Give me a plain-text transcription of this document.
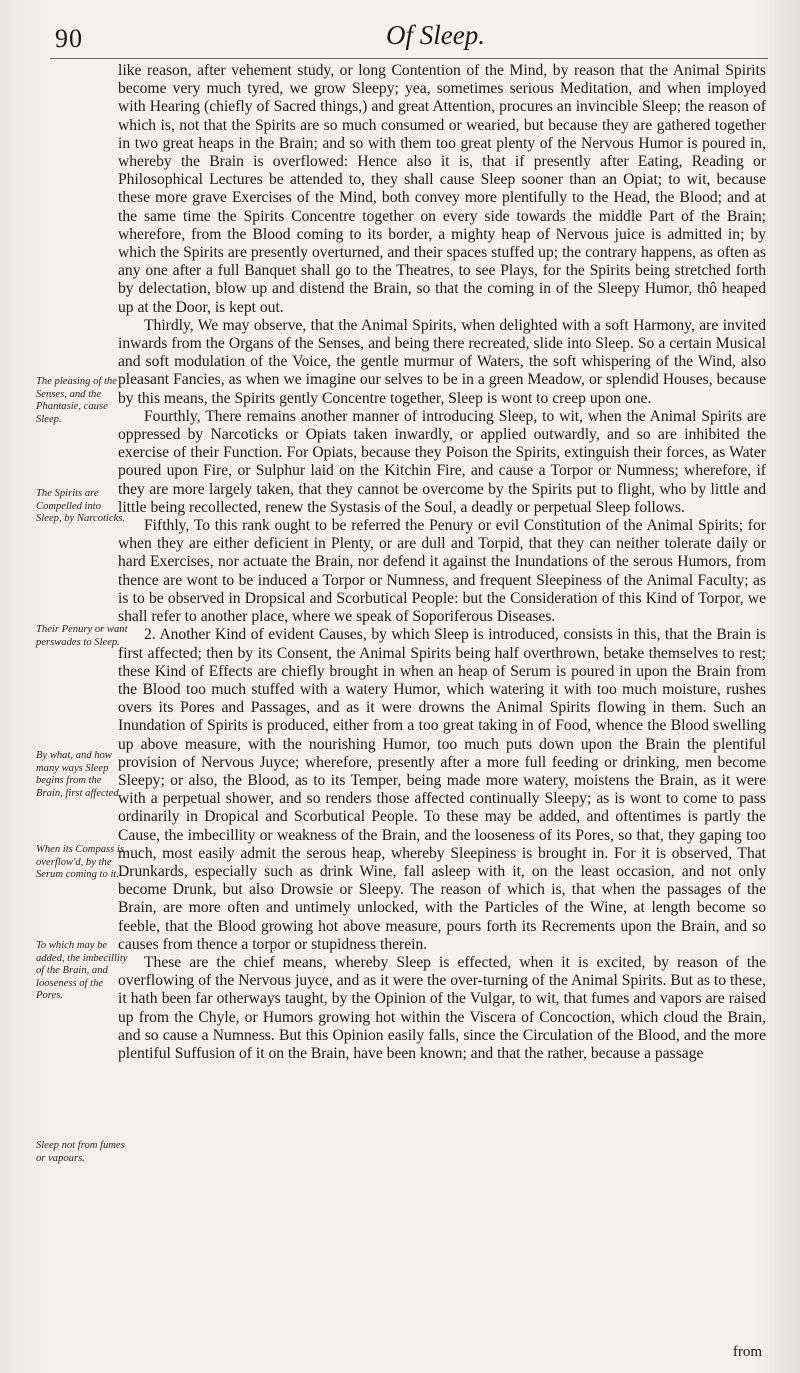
90	Of Sleep.

like reason, after vehement study, or long Contention of the Mind, by reason that the Animal Spirits become very much tyred, we grow Sleepy; yea, sometimes serious Meditation, and when imployed with Hearing (chiefly of Sacred things,) and great Attention, procures an invincible Sleep; the reason of which is, not that the Spirits are so much consumed or wearied, but because they are gathered together in two great heaps in the Brain; and so with them too great plenty of the Nervous Humor is poured in, whereby the Brain is overflowed: Hence also it is, that if presently after Eating, Reading or Philosophical Lectures be attended to, they shall cause Sleep sooner than an Opiat; to wit, because these more grave Exercises of the Mind, both convey more plentifully to the Head, the Blood; and at the same time the Spirits Concentre together on every side towards the middle Part of the Brain; wherefore, from the Blood coming to its border, a mighty heap of Nervous juice is admitted in; by which the Spirits are presently overturned, and their spaces stuffed up; the contrary happens, as often as any one after a full Banquet shall go to the Theatres, to see Plays, for the Spirits being stretched forth by delectation, blow up and distend the Brain, so that the coming in of the Sleepy Humor, thô heaped up at the Door, is kept out.

Thirdly, We may observe, that the Animal Spirits, when delighted with a soft Harmony, are invited inwards from the Organs of the Senses, and being there recreated, slide into Sleep. So a certain Musical and soft modulation of the Voice, the gentle murmur of Waters, the soft whispering of the Wind, also pleasant Fancies, as when we imagine our selves to be in a green Meadow, or splendid Houses, because by this means, the Spirits gently Concentre together, Sleep is wont to creep upon one.

Fourthly, There remains another manner of introducing Sleep, to wit, when the Animal Spirits are oppressed by Narcoticks or Opiats taken inwardly, or applied outwardly, and so are inhibited the exercise of their Function. For Opiats, because they Poison the Spirits, extinguish their forces, as Water poured upon Fire, or Sulphur laid on the Kitchin Fire, and cause a Torpor or Numness; wherefore, if they are more largely taken, that they cannot be overcome by the Spirits put to flight, who by little and little being recollected, renew the Systasis of the Soul, a deadly or perpetual Sleep follows.

Fifthly, To this rank ought to be referred the Penury or evil Constitution of the Animal Spirits; for when they are either deficient in Plenty, or are dull and Torpid, that they can neither tolerate daily or hard Exercises, nor actuate the Brain, nor defend it against the Inundations of the serous Humors, from thence are wont to be induced a Torpor or Numness, and frequent Sleepiness of the Animal Faculty; as is to be observed in Dropsical and Scorbutical People: but the Consideration of this Kind of Torpor, we shall refer to another place, where we speak of Soporiferous Diseases.

2. Another Kind of evident Causes, by which Sleep is introduced, consists in this, that the Brain is first affected; then by its Consent, the Animal Spirits being half overthrown, betake themselves to rest; these Kind of Effects are chiefly brought in when an heap of Serum is poured in upon the Brain from the Blood too much stuffed with a watery Humor, which watering it with too much moisture, rushes overs its Pores and Passages, and as it were drowns the Animal Spirits flowing in them. Such an Inundation of Spirits is produced, either from a too great taking in of Food, whence the Blood swelling up above measure, with the nourishing Humor, too much puts down upon the Brain the plentiful provision of Nervous Juyce; wherefore, presently after a more full feeding or drinking, men become Sleepy; or also, the Blood, as to its Temper, being made more watery, moistens the Brain, as it were with a perpetual shower, and so renders those affected continually Sleepy; as is wont to come to pass ordinarily in Dropical and Scorbutical People. To these may be added, and oftentimes is partly the Cause, the imbecillity or weakness of the Brain, and the looseness of its Pores, so that, they gaping too much, most easily admit the serous heap, whereby Sleepiness is brought in. For it is observed, That Drunkards, especially such as drink Wine, fall asleep with it, on the least occasion, and not only become Drunk, but also Drowsie or Sleepy. The reason of which is, that when the passages of the Brain, are more often and untimely unlocked, with the Particles of the Wine, at length become so feeble, that the Blood growing hot above measure, pours forth its Recrements upon the Brain, and so causes from thence a torpor or stupidness therein.

These are the chief means, whereby Sleep is effected, when it is excited, by reason of the overflowing of the Nervous juyce, and as it were the over-turning of the Animal Spirits. But as to these, it hath been far otherways taught, by the Opinion of the Vulgar, to wit, that fumes and vapors are raised up from the Chyle, or Humors growing hot within the Viscera of Concoction, which cloud the Brain, and so cause a Numness. But this Opinion easily falls, since the Circulation of the Blood, and the more plentiful Suffusion of it on the Brain, have been known; and that the rather, because a passage

from
The pleasing of the Senses, and the Phantasie, cause Sleep.
The Spirits are Compelled into Sleep, by Narcoticks.
Their Penury or want perswades to Sleep.
By what, and how many ways Sleep begins from the Brain, first affected.
When its Compass is overflow'd, by the Serum coming to it.
To which may be added, the imbecillity of the Brain, and looseness of the Pores.
Sleep not from fumes or vapours.
